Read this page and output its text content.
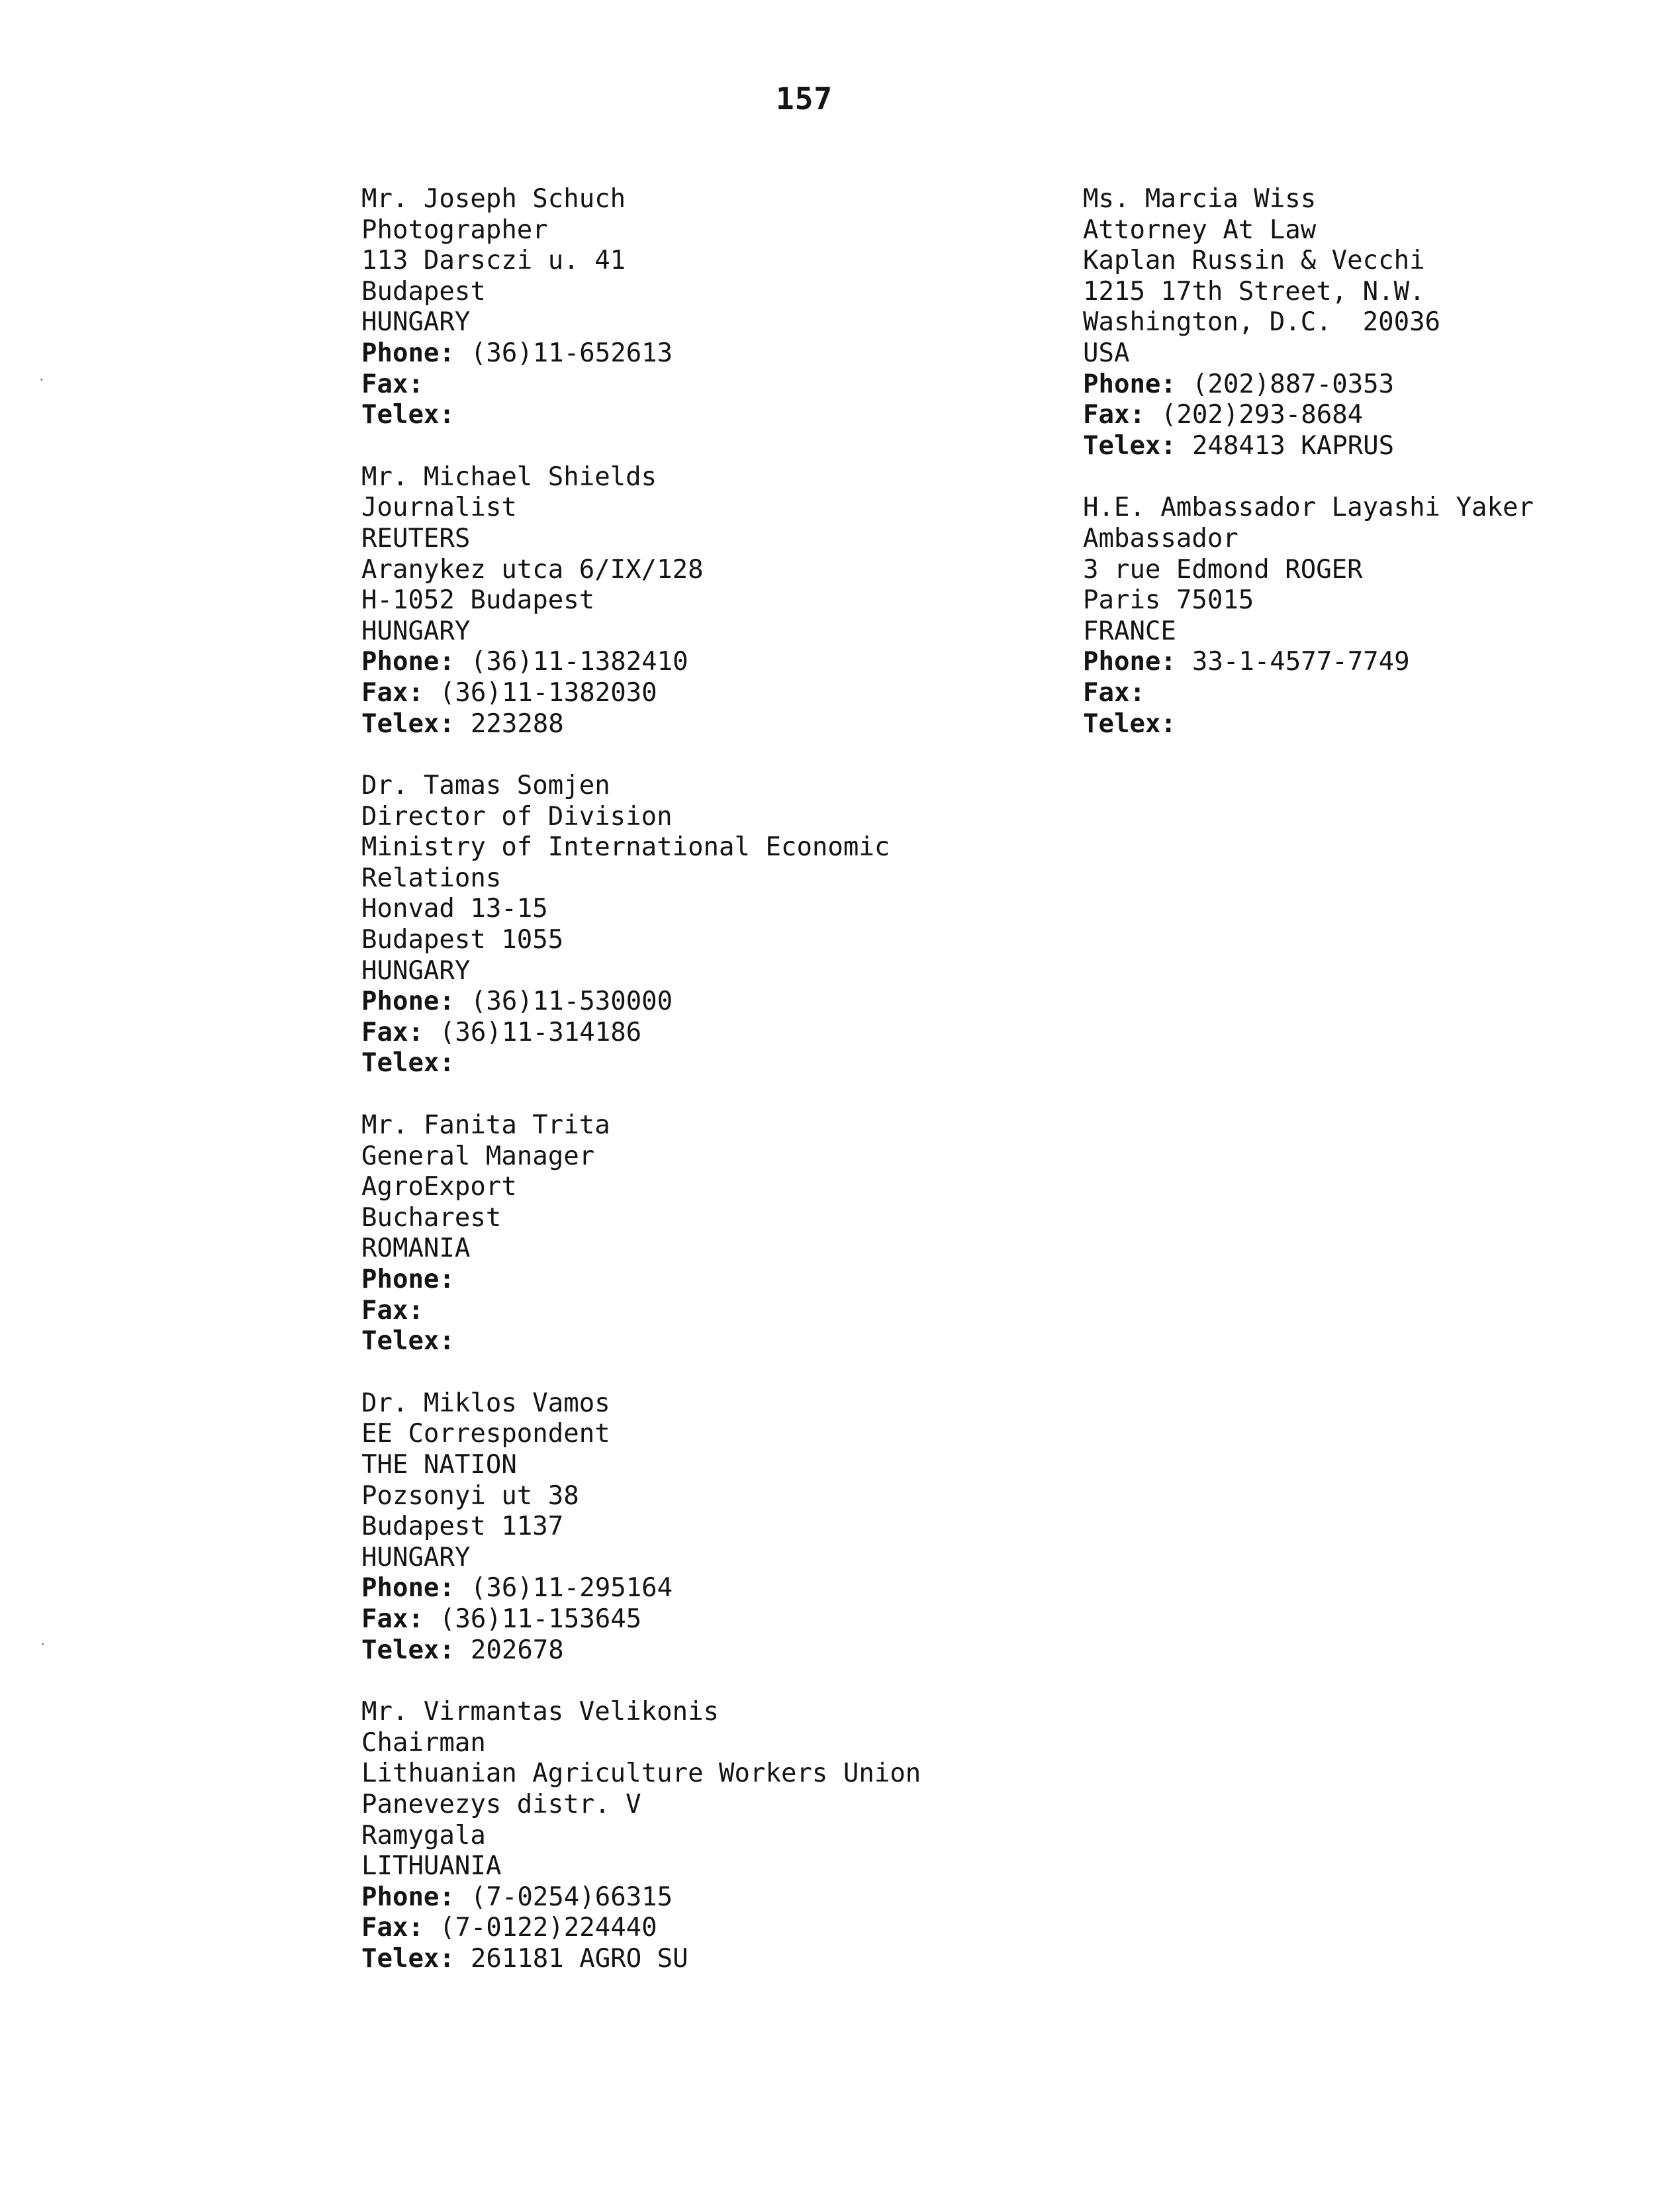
157
Mr. Joseph Schuch
Photographer
113 Darsczi u. 41
Budapest
HUNGARY
Phone: (36)11-652613
Fax:
Telex:
Mr. Michael Shields
Journalist
REUTERS
Aranykez utca 6/IX/128
H-1052 Budapest
HUNGARY
Phone: (36)11-1382410
Fax: (36)11-1382030
Telex: 223288
Dr. Tamas Somjen
Director of Division
Ministry of International Economic
Relations
Honvad 13-15
Budapest 1055
HUNGARY
Phone: (36)11-530000
Fax: (36)11-314186
Telex:
Mr. Fanita Trita
General Manager
AgroExport
Bucharest
ROMANIA
Phone:
Fax:
Telex:
Dr. Miklos Vamos
EE Correspondent
THE NATION
Pozsonyi ut 38
Budapest 1137
HUNGARY
Phone: (36)11-295164
Fax: (36)11-153645
Telex: 202678
Mr. Virmantas Velikonis
Chairman
Lithuanian Agriculture Workers Union
Panevezys distr. V
Ramygala
LITHUANIA
Phone: (7-0254)66315
Fax: (7-0122)224440
Telex: 261181 AGRO SU
Ms. Marcia Wiss
Attorney At Law
Kaplan Russin & Vecchi
1215 17th Street, N.W.
Washington, D.C.  20036
USA
Phone: (202)887-0353
Fax: (202)293-8684
Telex: 248413 KAPRUS
H.E. Ambassador Layashi Yaker
Ambassador
3 rue Edmond ROGER
Paris 75015
FRANCE
Phone: 33-1-4577-7749
Fax:
Telex:
˙
˙
